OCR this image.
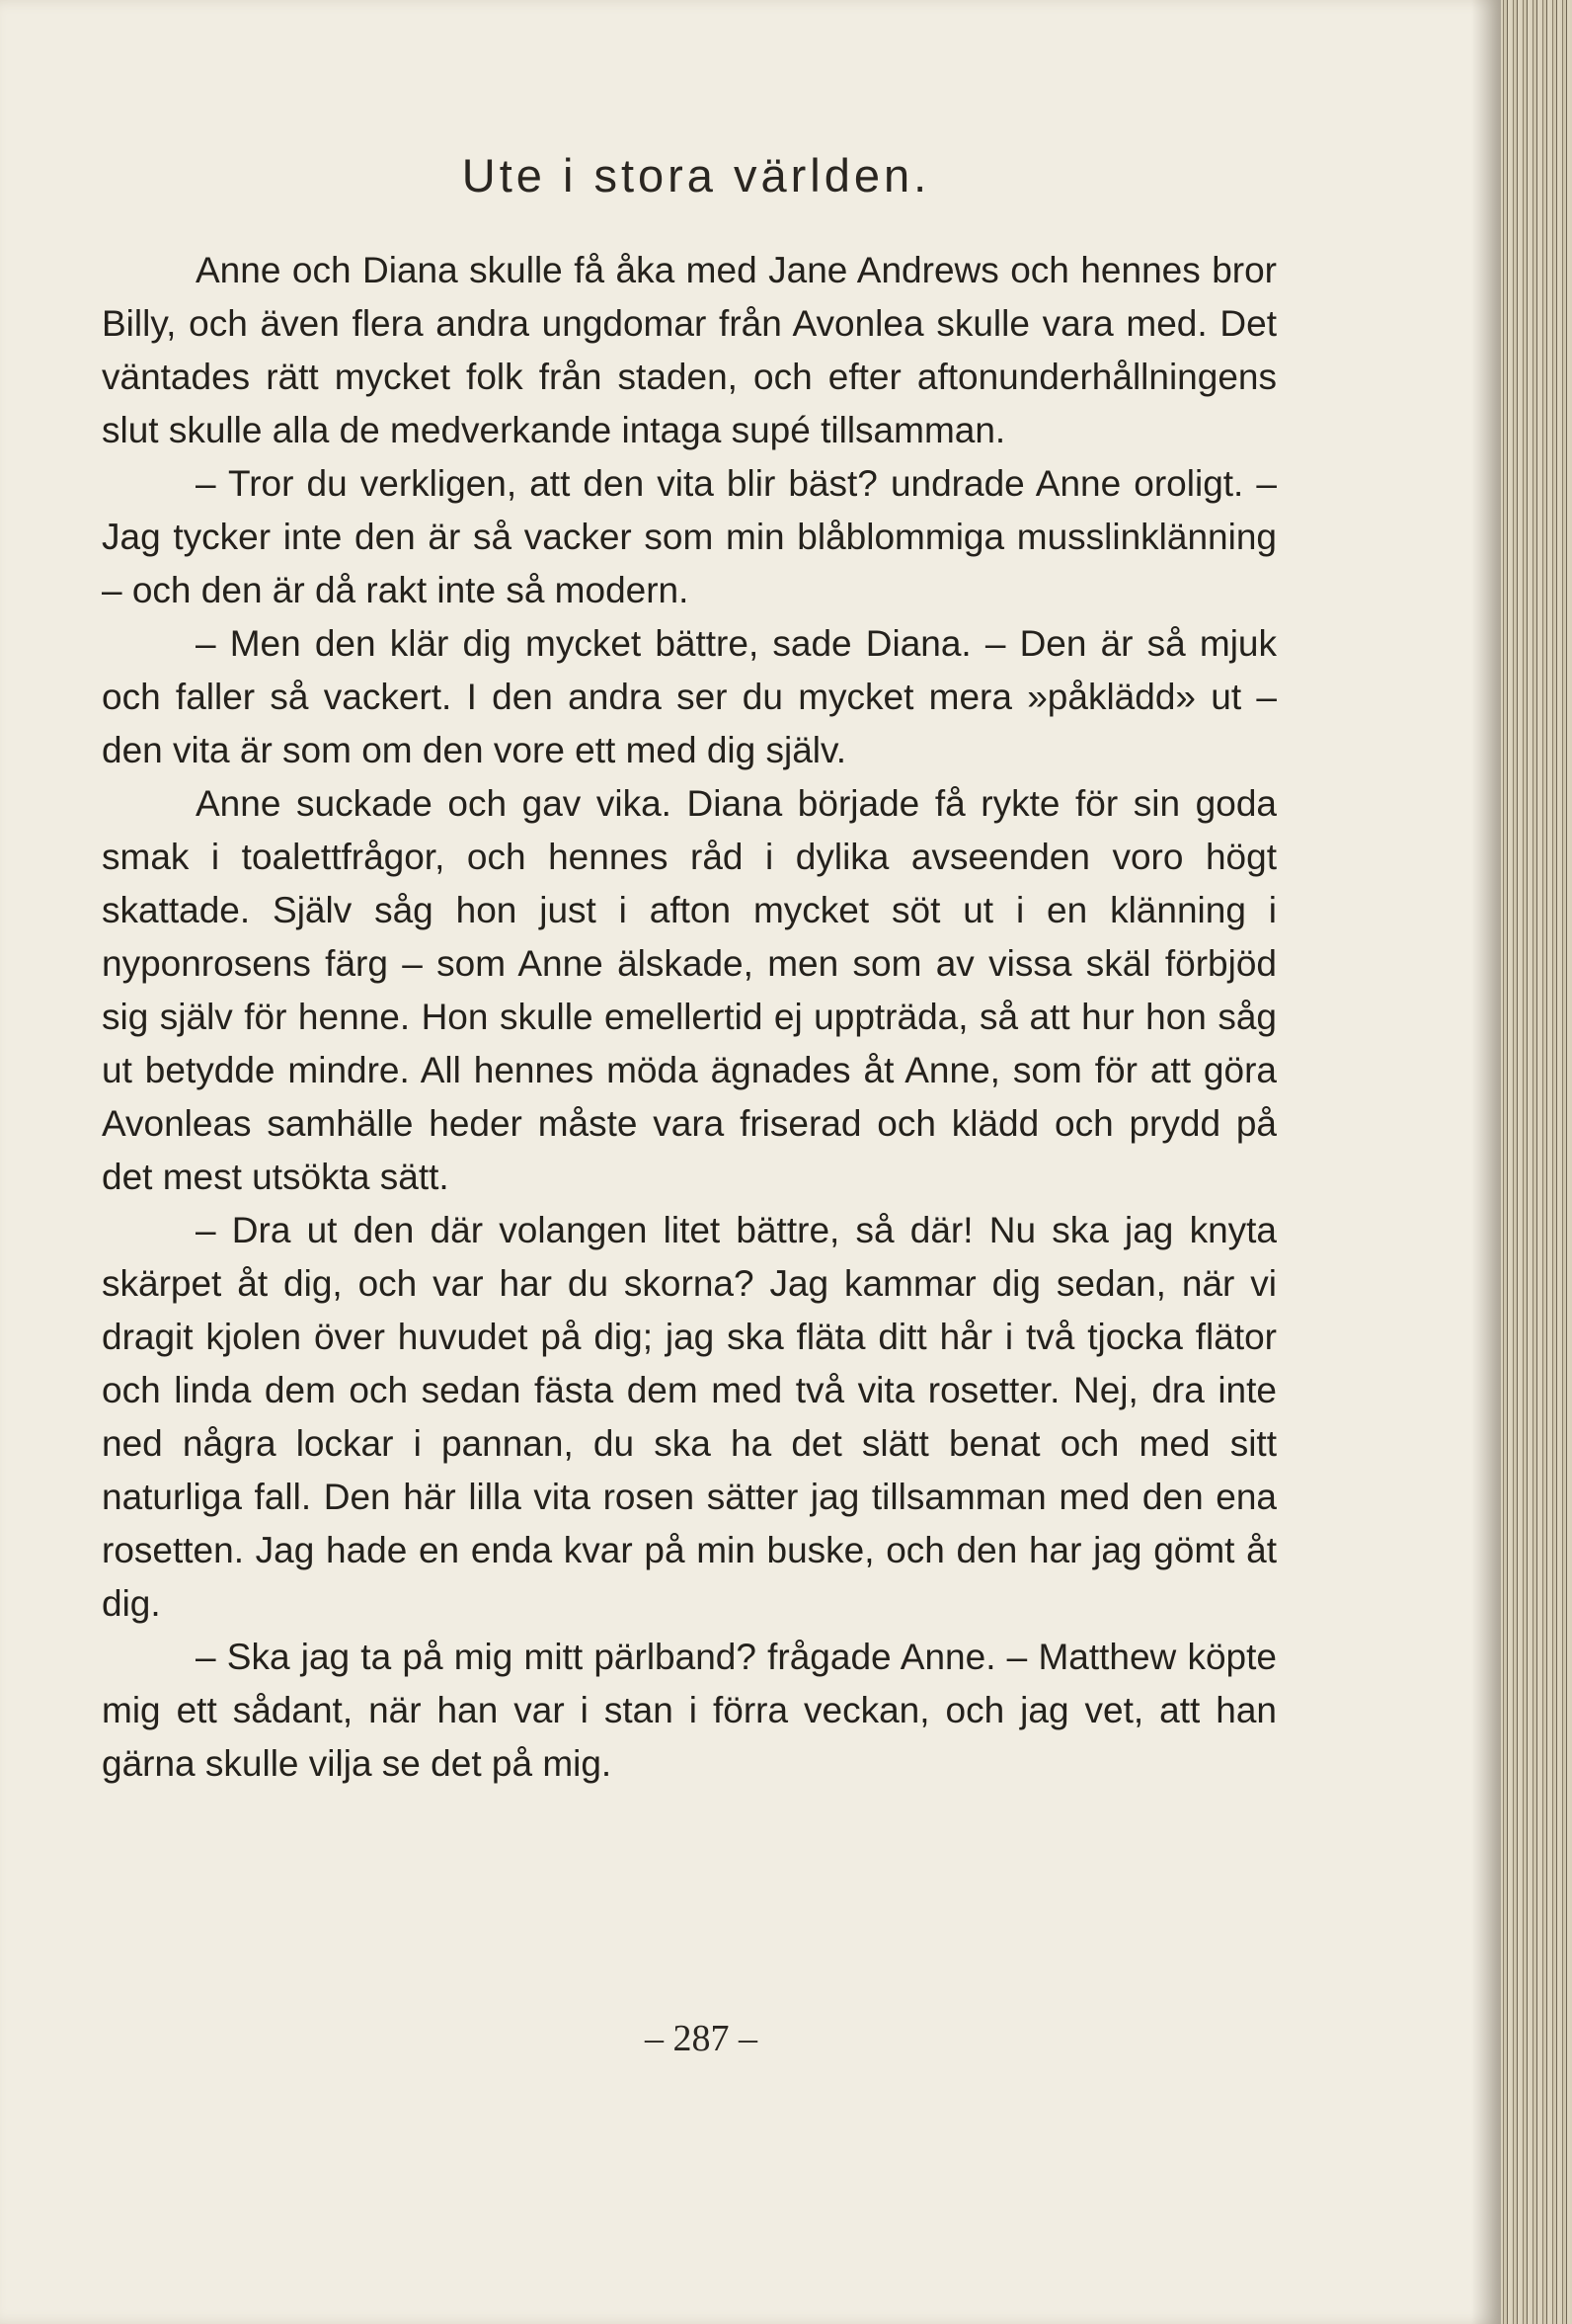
Ute i stora världen.

Anne och Diana skulle få åka med Jane Andrews och hennes bror Billy, och även flera andra ungdomar från Avonlea skulle vara med. Det väntades rätt mycket folk från staden, och efter aftonunderhållningens slut skulle alla de medverkande intaga supé tillsamman.

– Tror du verkligen, att den vita blir bäst? undrade Anne oroligt. – Jag tycker inte den är så vacker som min blåblommiga musslinklänning – och den är då rakt inte så modern.

– Men den klär dig mycket bättre, sade Diana. – Den är så mjuk och faller så vackert. I den andra ser du mycket mera »påklädd» ut – den vita är som om den vore ett med dig själv.

Anne suckade och gav vika. Diana började få rykte för sin goda smak i toalettfrågor, och hennes råd i dylika avseenden voro högt skattade. Själv såg hon just i afton mycket söt ut i en klänning i nyponrosens färg – som Anne älskade, men som av vissa skäl förbjöd sig själv för henne. Hon skulle emellertid ej uppträda, så att hur hon såg ut betydde mindre. All hennes möda ägnades åt Anne, som för att göra Avonleas samhälle heder måste vara friserad och klädd och prydd på det mest utsökta sätt.

– Dra ut den där volangen litet bättre, så där! Nu ska jag knyta skärpet åt dig, och var har du skorna? Jag kammar dig sedan, när vi dragit kjolen över huvudet på dig; jag ska fläta ditt hår i två tjocka flätor och linda dem och sedan fästa dem med två vita rosetter. Nej, dra inte ned några lockar i pannan, du ska ha det slätt benat och med sitt naturliga fall. Den här lilla vita rosen sätter jag tillsamman med den ena rosetten. Jag hade en enda kvar på min buske, och den har jag gömt åt dig.

– Ska jag ta på mig mitt pärlband? frågade Anne. – Matthew köpte mig ett sådant, när han var i stan i förra veckan, och jag vet, att han gärna skulle vilja se det på mig.

– 287 –
